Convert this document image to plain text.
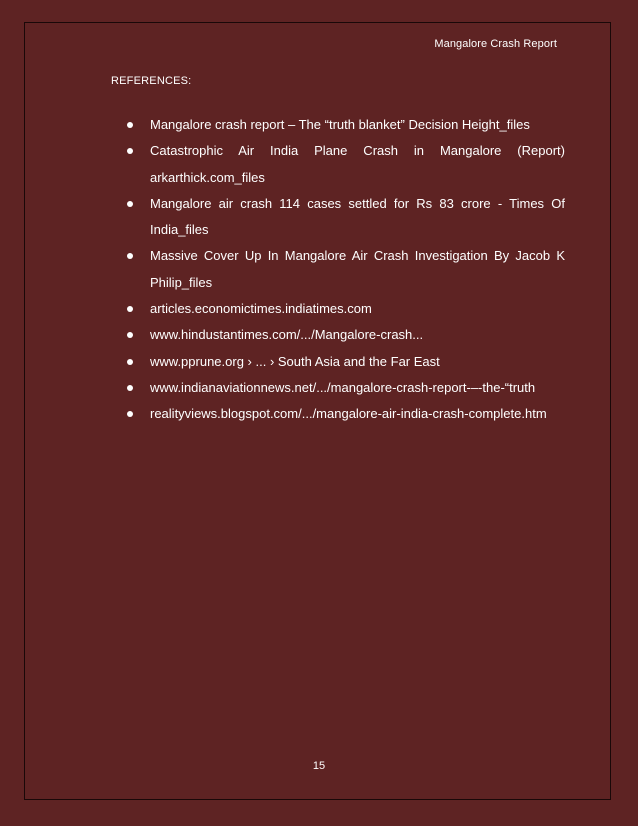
Mangalore Crash Report
REFERENCES:
Mangalore crash report – The “truth blanket” Decision Height_files
Catastrophic Air India Plane Crash in Mangalore (Report) arkarthick.com_files
Mangalore air crash 114 cases settled for Rs 83 crore - Times Of India_files
Massive Cover Up In Mangalore Air Crash Investigation By Jacob K Philip_files
articles.economictimes.indiatimes.com
www.hindustantimes.com/.../Mangalore-crash...
www.pprune.org › ... › South Asia and the Far East
www.indianaviationnews.net/.../mangalore-crash-report-–-the-“truth
realityviews.blogspot.com/.../mangalore-air-india-crash-complete.htm
15
